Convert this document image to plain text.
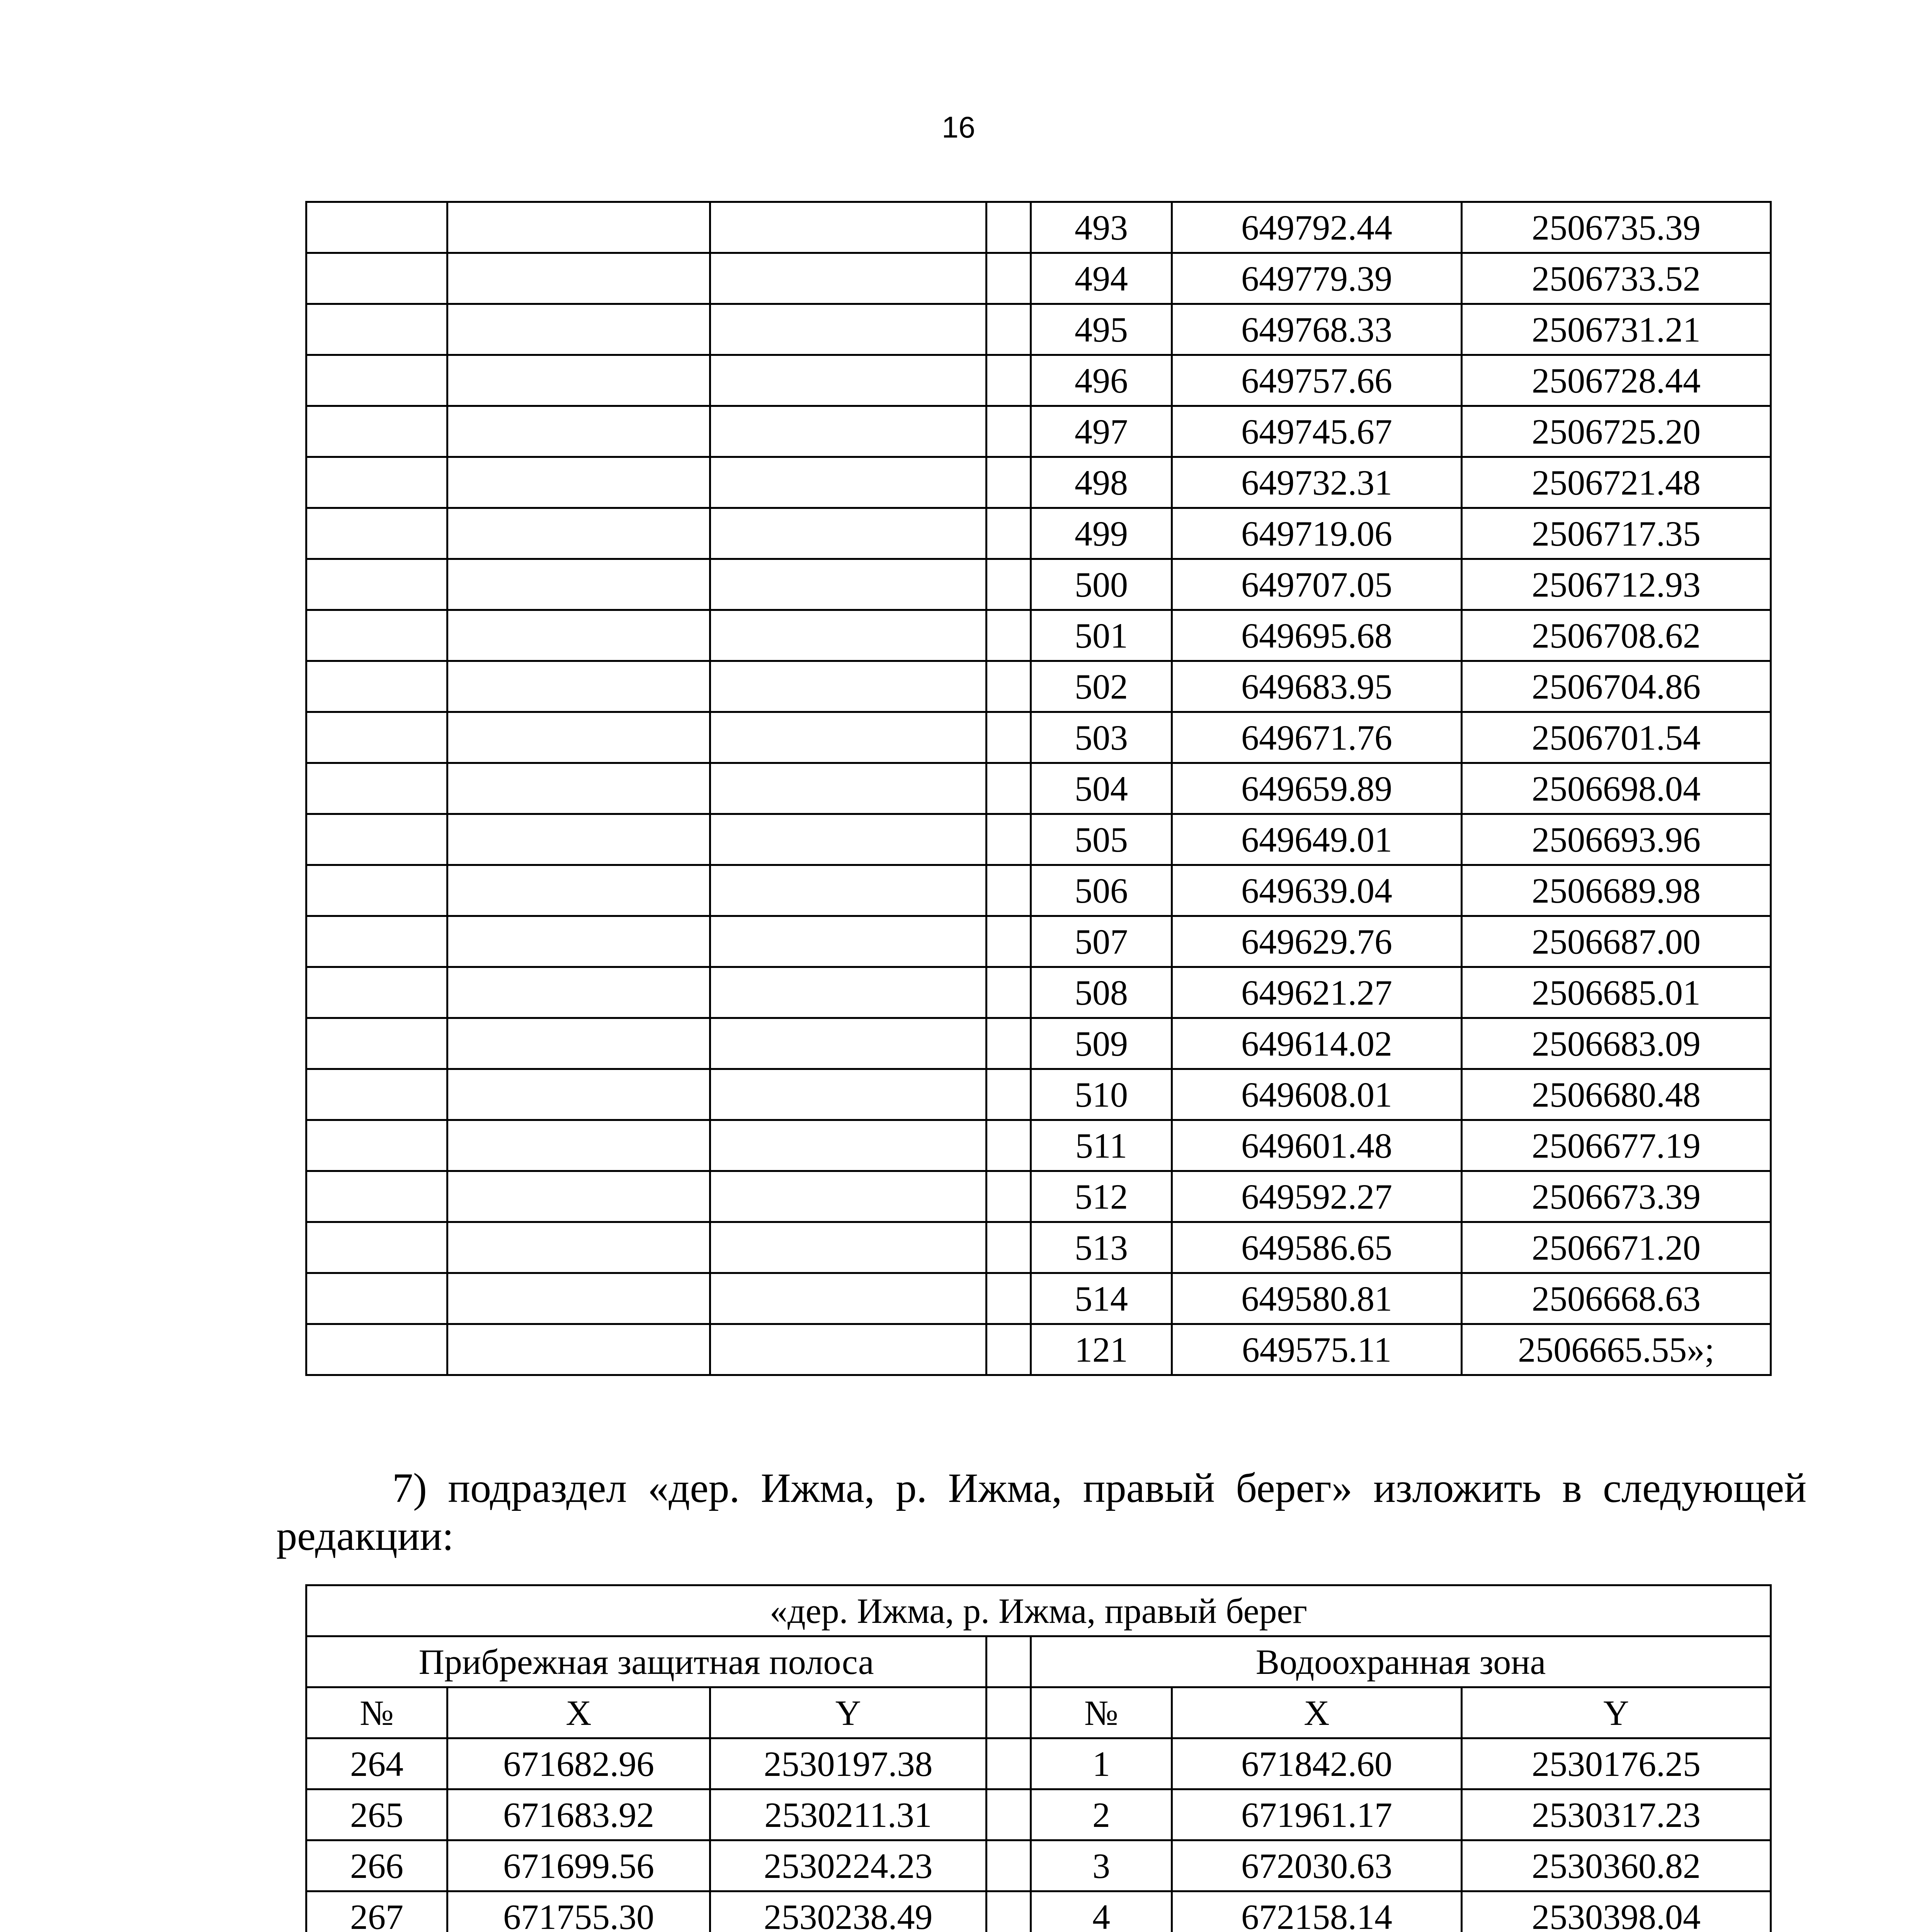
16
				493	649792.44	2506735.39
				494	649779.39	2506733.52
				495	649768.33	2506731.21
				496	649757.66	2506728.44
				497	649745.67	2506725.20
				498	649732.31	2506721.48
				499	649719.06	2506717.35
				500	649707.05	2506712.93
				501	649695.68	2506708.62
				502	649683.95	2506704.86
				503	649671.76	2506701.54
				504	649659.89	2506698.04
				505	649649.01	2506693.96
				506	649639.04	2506689.98
				507	649629.76	2506687.00
				508	649621.27	2506685.01
				509	649614.02	2506683.09
				510	649608.01	2506680.48
				511	649601.48	2506677.19
				512	649592.27	2506673.39
				513	649586.65	2506671.20
				514	649580.81	2506668.63
				121	649575.11	2506665.55»;
7) подраздел «дер. Ижма, р. Ижма, правый берег» изложить в следующей редакции:
«дер. Ижма, р. Ижма, правый берег						
Прибрежная защитная полоса				Водоохранная зона		
№	X	Y		№	X	Y
264	671682.96	2530197.38		1	671842.60	2530176.25
265	671683.92	2530211.31		2	671961.17	2530317.23
266	671699.56	2530224.23		3	672030.63	2530360.82
267	671755.30	2530238.49		4	672158.14	2530398.04
